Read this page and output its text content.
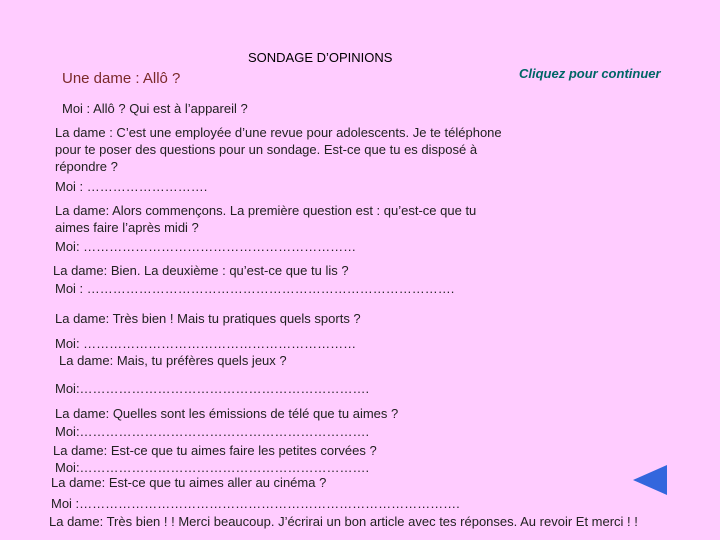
SONDAGE D’OPINIONS
Une dame : Allô ?	Cliquez pour continuer
Moi : Allô ? Qui est à l’appareil ?
La dame : C’est une employée d’une revue pour adolescents. Je te téléphone
pour te poser des questions pour un sondage. Est-ce que tu es disposé à
répondre ?
Moi : ……………………….
La dame: Alors commençons. La première question est : qu’est-ce que tu
aimes faire l’après midi ?
Moi: ………………………………………………………
La dame: Bien. La deuxième : qu’est-ce que tu lis ?
Moi : ………………………………………………………………………….
La dame: Très bien ! Mais tu pratiques quels sports ?
Moi: ………………………………………………………
La dame: Mais, tu préfères quels jeux ?
Moi:………………………………………………………….
La dame: Quelles sont les émissions de télé que tu aimes ?
Moi:………………………………………………………….
La dame: Est-ce que tu aimes faire les petites corvées ?
Moi:………………………………………………………….
La dame: Est-ce que tu aimes aller au cinéma ?
Moi :…………………………………………………………………………….
La dame: Très bien ! ! Merci beaucoup. J’écrirai un bon article avec tes réponses. Au revoir Et merci ! !
